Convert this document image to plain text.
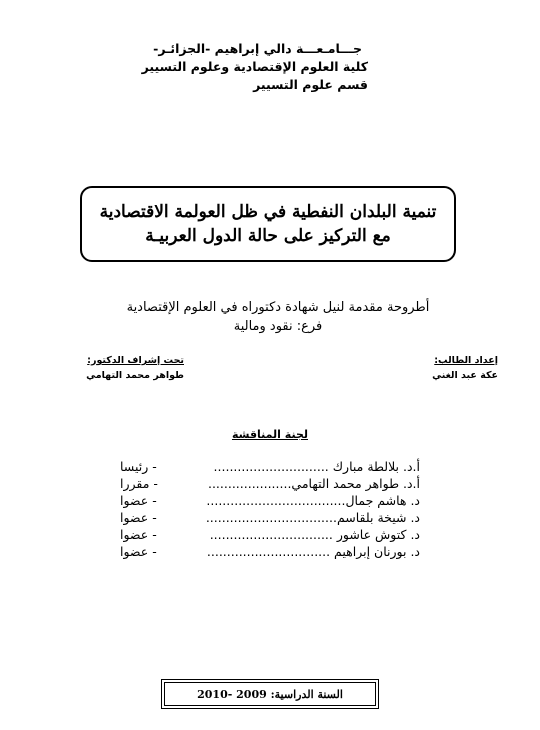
جـــامـعـــة دالي إبراهيم -الجزائـر-
كلية العلوم الإقتصادية وعلوم التسيير
قسم علوم التسيير
تنمية البلدان النفطية في ظل العولمة الاقتصادية
مع التركيز على حالة الدول العربيـة
أطروحة مقدمة لنيل شهادة دكتوراه في العلوم الإقتصادية
فرع: نقود ومالية
إعداد الطالب:
عكة عبد الغني
تحت إشراف الدكتور:
طواهر محمد التهامي
لجنة المناقشة
أ.د. بلالطة مبارك .............................
- رئيسا
أ.د. طواهر محمد التهامي.....................
- مقررا
د. هاشم جمال...................................
- عضوا
د. شيخة بلقاسم.................................
- عضوا
د. كتوش عاشور ...............................
- عضوا
د. بورنان إبراهيم ...............................
- عضوا
السنة الدراسية: 2009 -2010
